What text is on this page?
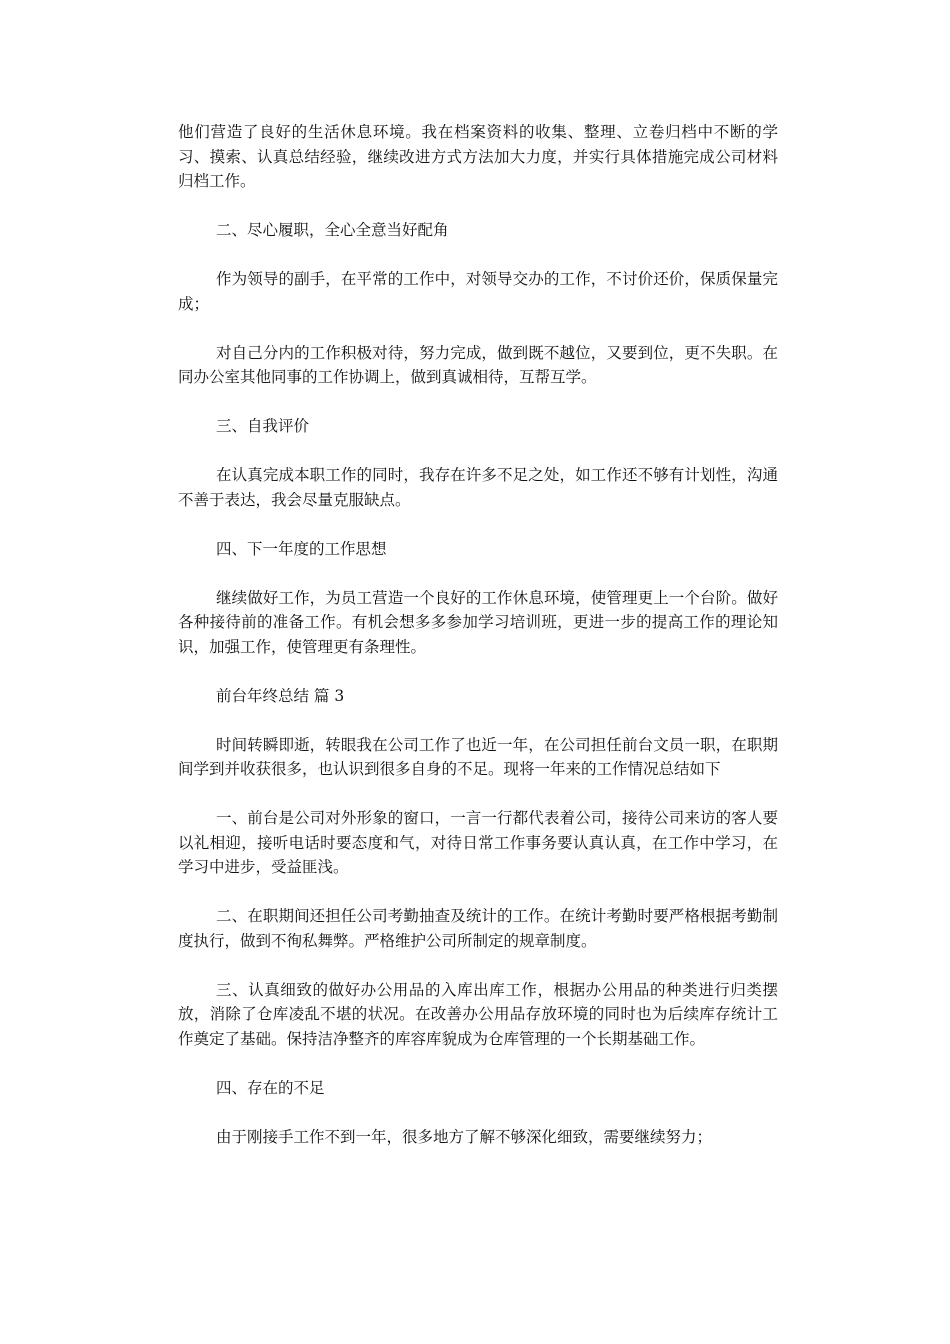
他们营造了良好的生活休息环境。我在档案资料的收集、整理、立卷归档中不断的学习、摸索、认真总结经验，继续改进方式方法加大力度，并实行具体措施完成公司材料归档工作。

二、尽心履职，全心全意当好配角

作为领导的副手，在平常的工作中，对领导交办的工作，不讨价还价，保质保量完成；

对自己分内的工作积极对待，努力完成，做到既不越位，又要到位，更不失职。在同办公室其他同事的工作协调上，做到真诚相待，互帮互学。

三、自我评价

在认真完成本职工作的同时，我存在许多不足之处，如工作还不够有计划性，沟通不善于表达，我会尽量克服缺点。

四、下一年度的工作思想

继续做好工作，为员工营造一个良好的工作休息环境，使管理更上一个台阶。做好各种接待前的准备工作。有机会想多多参加学习培训班，更进一步的提高工作的理论知识，加强工作，使管理更有条理性。

前台年终总结 篇 3

时间转瞬即逝，转眼我在公司工作了也近一年，在公司担任前台文员一职，在职期间学到并收获很多，也认识到很多自身的不足。现将一年来的工作情况总结如下

一、前台是公司对外形象的窗口，一言一行都代表着公司，接待公司来访的客人要以礼相迎，接听电话时要态度和气，对待日常工作事务要认真认真，在工作中学习，在学习中进步，受益匪浅。

二、在职期间还担任公司考勤抽查及统计的工作。在统计考勤时要严格根据考勤制度执行，做到不徇私舞弊。严格维护公司所制定的规章制度。

三、认真细致的做好办公用品的入库出库工作，根据办公用品的种类进行归类摆放，消除了仓库凌乱不堪的状况。在改善办公用品存放环境的同时也为后续库存统计工作奠定了基础。保持洁净整齐的库容库貌成为仓库管理的一个长期基础工作。

四、存在的不足

由于刚接手工作不到一年，很多地方了解不够深化细致，需要继续努力；
